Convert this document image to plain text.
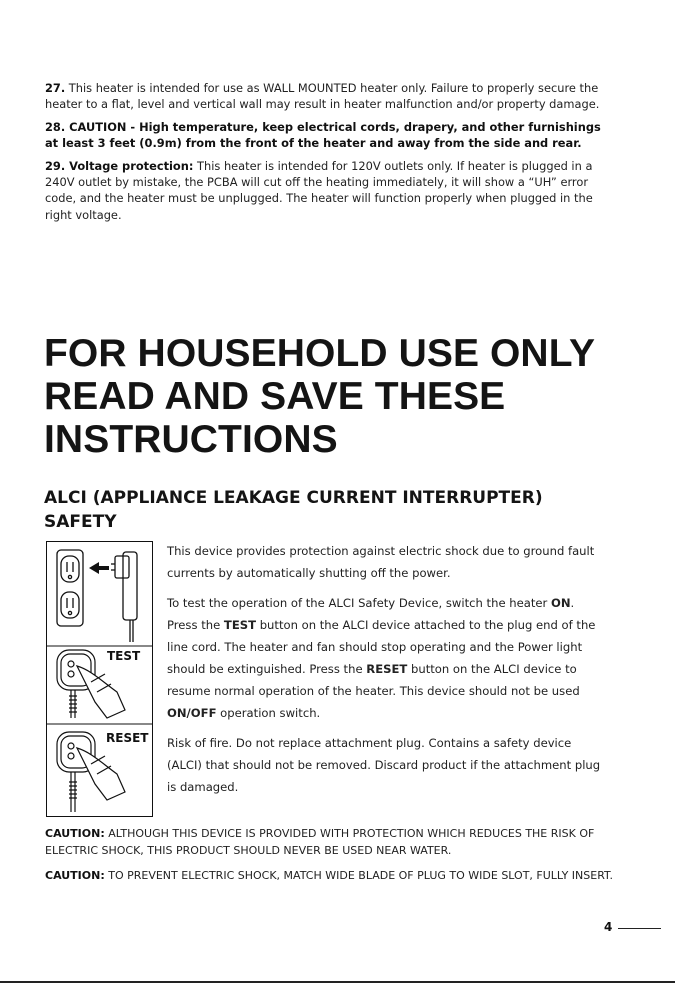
27. This heater is intended for use as WALL MOUNTED heater only. Failure to properly secure the heater to a flat, level and vertical wall may result in heater malfunction and/or property damage.
28. CAUTION - High temperature, keep electrical cords, drapery, and other furnishings at least 3 feet (0.9m) from the front of the heater and away from the side and rear.
29. Voltage protection: This heater is intended for 120V outlets only. If heater is plugged in a 240V outlet by mistake, the PCBA will cut off the heating immediately, it will show a “UH” error code, and the heater must be unplugged. The heater will function properly when plugged in the right voltage.
FOR HOUSEHOLD USE ONLY
READ AND SAVE THESE
INSTRUCTIONS
ALCI (APPLIANCE LEAKAGE CURRENT INTERRUPTER)
SAFETY
TEST
RESET
This device provides protection against electric shock due to ground fault currents by automatically shutting off the power.
To test the operation of the ALCI Safety Device, switch the heater ON. Press the TEST button on the ALCI device attached to the plug end of the line cord. The heater and fan should stop operating and the Power light should be extinguished. Press the RESET button on the ALCI device to resume normal operation of the heater. This device should not be used ON/OFF operation switch.
Risk of fire. Do not replace attachment plug. Contains a safety device (ALCI) that should not be removed. Discard product if the attachment plug is damaged.
CAUTION: ALTHOUGH THIS DEVICE IS PROVIDED WITH PROTECTION WHICH REDUCES THE RISK OF ELECTRIC SHOCK, THIS PRODUCT SHOULD NEVER BE USED NEAR WATER.
CAUTION: TO PREVENT ELECTRIC SHOCK, MATCH WIDE BLADE OF PLUG TO WIDE SLOT, FULLY INSERT.
4
